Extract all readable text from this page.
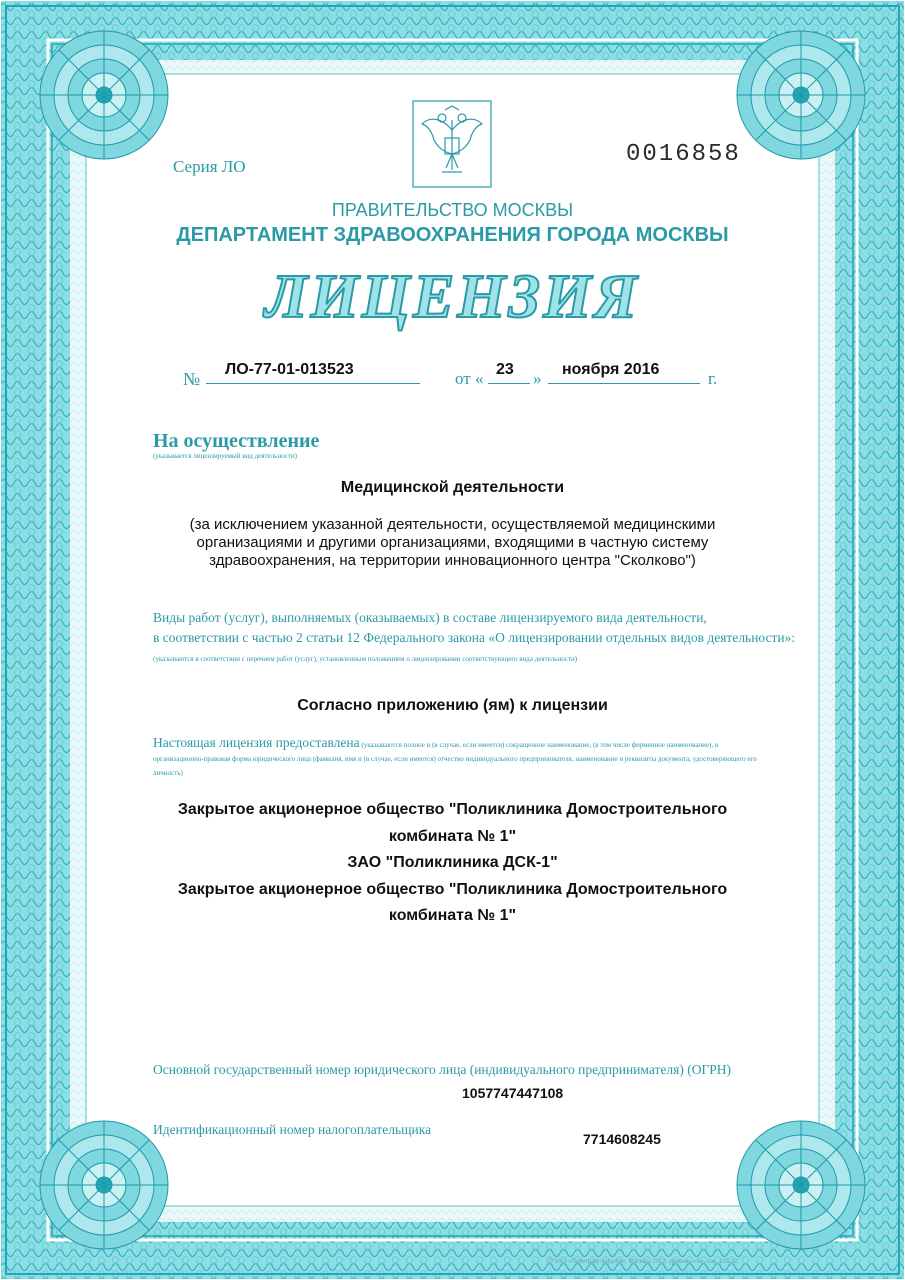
Серия ЛО	0016858
ПРАВИТЕЛЬСТВО МОСКВЫ
ДЕПАРТАМЕНТ ЗДРАВООХРАНЕНИЯ ГОРОДА МОСКВЫ
ЛИЦЕНЗИЯ
№ ЛО-77-01-013523	от « 23 » ноября 2016	г.
На осуществление
(указывается лицензируемый вид деятельности)
Медицинской деятельности
(за исключением указанной деятельности, осуществляемой медицинскими организациями и другими организациями, входящими в частную систему здравоохранения, на территории инновационного центра "Сколково")
Виды работ (услуг), выполняемых (оказываемых) в составе лицензируемого вида деятельности,
в соответствии с частью 2 статьи 12 Федерального закона «О лицензировании отдельных видов деятельности»:
(указываются в соответствии с перечнем работ (услуг), установленным положением о лицензировании соответствующего вида деятельности)
Согласно приложению (ям) к лицензии
Настоящая лицензия предоставлена (указываются полное и (в случае, если имеется) сокращенное наименование, (в том числе фирменное наименование), и организационно-правовая форма юридического лица (фамилия, имя и (в случае, если имеется) отчество индивидуального предпринимателя, наименование и реквизиты документа, удостоверяющего его личность)
Закрытое акционерное общество "Поликлиника Домостроительного
комбината № 1"
ЗАО "Поликлиника ДСК-1"
Закрытое акционерное общество "Поликлиника Домостроительного
комбината № 1"
Основной государственный номер юридического лица (индивидуального предпринимателя) (ОГРН)
1057747447108
Идентификационный номер налогоплательщика
7714608245
© ЗАО «Полиграф-защита», Москва, 2012, уровень «Б», зак. 131-12
